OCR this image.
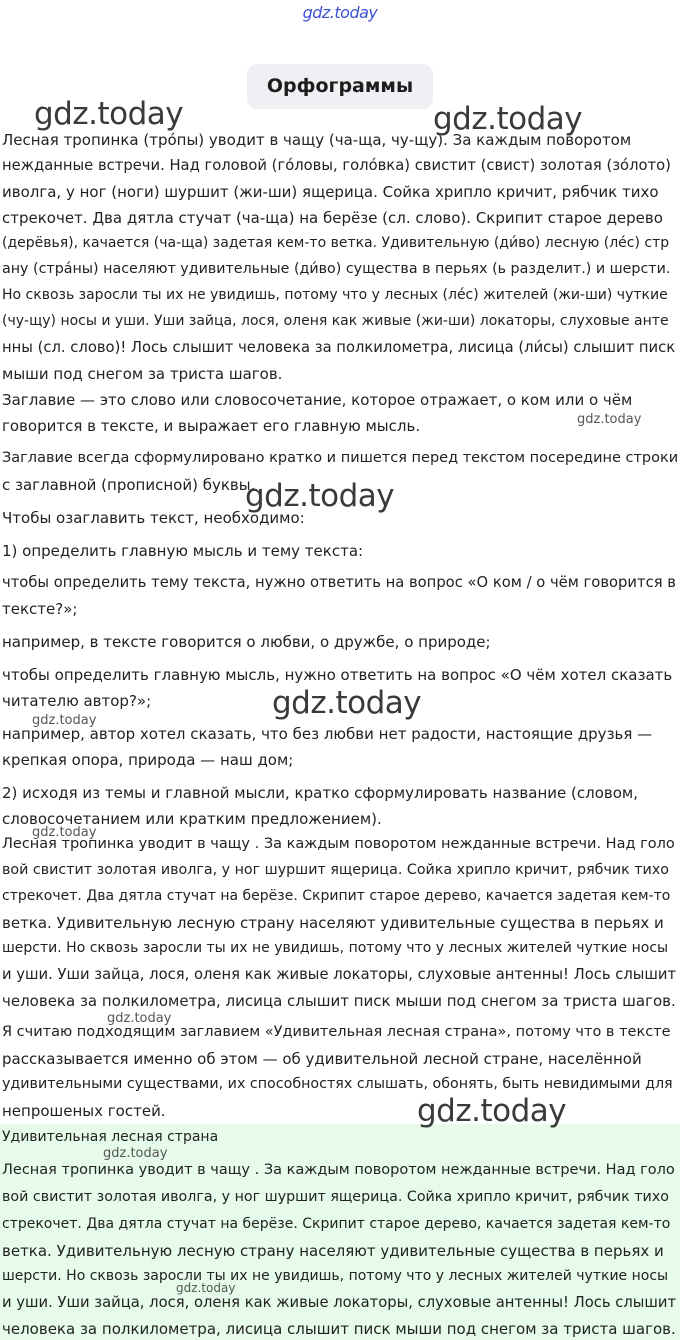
gdz.today
Орфограммы
Лесная тропинка (тро́пы) уводит в чащу (ча-ща, чу-щу). За каждым поворотом
нежданные встречи. Над головой (го́ловы, голо́вка) свистит (свист) золотая (зо́лото)
иволга, у ног (ноги) шуршит (жи-ши) ящерица. Сойка хрипло кричит, рябчик тихо
стрекочет. Два дятла стучат (ча-ща) на берёзе (сл. слово). Скрипит старое дерево
(дерёвья), качается (ча-ща) задетая кем-то ветка. Удивительную (ди́во) лесную (ле́с) стр
ану (стра́ны) населяют удивительные (ди́во) существа в перьях (ь разделит.) и шерсти.
Но сквозь заросли ты их не увидишь, потому что у лесных (ле́с) жителей (жи-ши) чуткие
(чу-щу) носы и уши. Уши зайца, лося, оленя как живые (жи-ши) локаторы, слуховые анте
нны (сл. слово)! Лось слышит человека за полкилометра, лисица (ли́сы) слышит писк
мыши под снегом за триста шагов.
Заглавие — это слово или словосочетание, которое отражает, о ком или о чём
говорится в тексте, и выражает его главную мысль.
Заглавие всегда сформулировано кратко и пишется перед текстом посередине строки
с заглавной (прописной) буквы.
Чтобы озаглавить текст, необходимо:
1) определить главную мысль и тему текста:
чтобы определить тему текста, нужно ответить на вопрос «О ком / о чём говорится в
тексте?»;
например, в тексте говорится о любви, о дружбе, о природе;
чтобы определить главную мысль, нужно ответить на вопрос «О чём хотел сказать
читателю автор?»;
например, автор хотел сказать, что без любви нет радости, настоящие друзья —
крепкая опора, природа — наш дом;
2) исходя из темы и главной мысли, кратко сформулировать название (словом,
словосочетанием или кратким предложением).
Лесная тропинка уводит в чащу . За каждым поворотом нежданные встречи. Над голо
вой свистит золотая иволга, у ног шуршит ящерица. Сойка хрипло кричит, рябчик тихо
стрекочет. Два дятла стучат на берёзе. Скрипит старое дерево, качается задетая кем-то
ветка. Удивительную лесную страну населяют удивительные существа в перьях и
шерсти. Но сквозь заросли ты их не увидишь, потому что у лесных жителей чуткие носы
и уши. Уши зайца, лося, оленя как живые локаторы, слуховые антенны! Лось слышит
человека за полкилометра, лисица слышит писк мыши под снегом за триста шагов.
Я считаю подходящим заглавием «Удивительная лесная страна», потому что в тексте
рассказывается именно об этом — об удивительной лесной стране, населённой
удивительными существами, их способностях слышать, обонять, быть невидимыми для
непрошеных гостей.
Удивительная лесная страна
Лесная тропинка уводит в чащу . За каждым поворотом нежданные встречи. Над голо
вой свистит золотая иволга, у ног шуршит ящерица. Сойка хрипло кричит, рябчик тихо
стрекочет. Два дятла стучат на берёзе. Скрипит старое дерево, качается задетая кем-то
ветка. Удивительную лесную страну населяют удивительные существа в перьях и
шерсти. Но сквозь заросли ты их не увидишь, потому что у лесных жителей чуткие носы
и уши. Уши зайца, лося, оленя как живые локаторы, слуховые антенны! Лось слышит
человека за полкилометра, лисица слышит писк мыши под снегом за триста шагов.
gdz.today	gdz.today
gdz.today
gdz.today
gdz.today
gdz.today
gdz.today
gdz.today
gdz.today
gdz.today
gdz.today
